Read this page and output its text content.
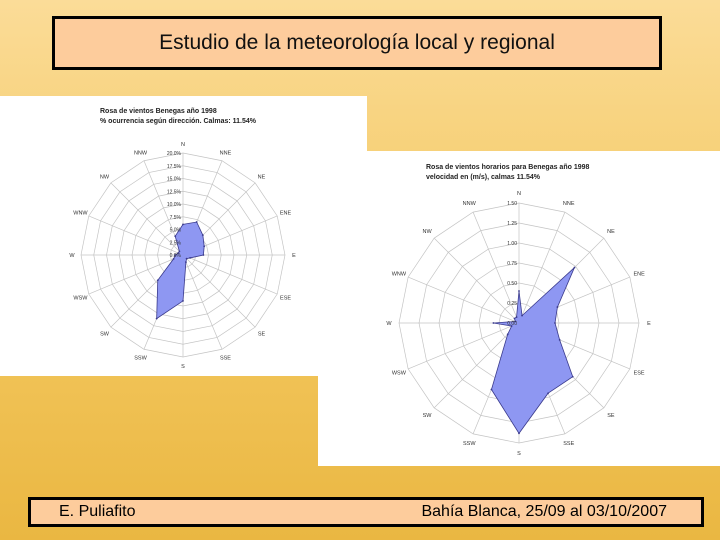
Estudio de la meteorología local y regional
Rosa de vientos Benegas año 1998
% ocurrencia según dirección. Calmas: 11.54%
0.0%
2.5%
5.0%
7.5%
10.0%
12.5%
15.0%
17.5%
20.0%
N
NNE
NE
ENE
E
ESE
SE
SSE
S
SSW
SW
WSW
W
WNW
NW
NNW
Rosa de vientos horarios para Benegas año 1998
velocidad en (m/s), calmas 11.54%
0.00
0.25
0.50
0.75
1.00
1.25
1.50
N
NNE
NE
ENE
E
ESE
SE
SSE
S
SSW
SW
WSW
W
WNW
NW
NNW
E. Puliafito	Bahía Blanca, 25/09 al 03/10/2007
